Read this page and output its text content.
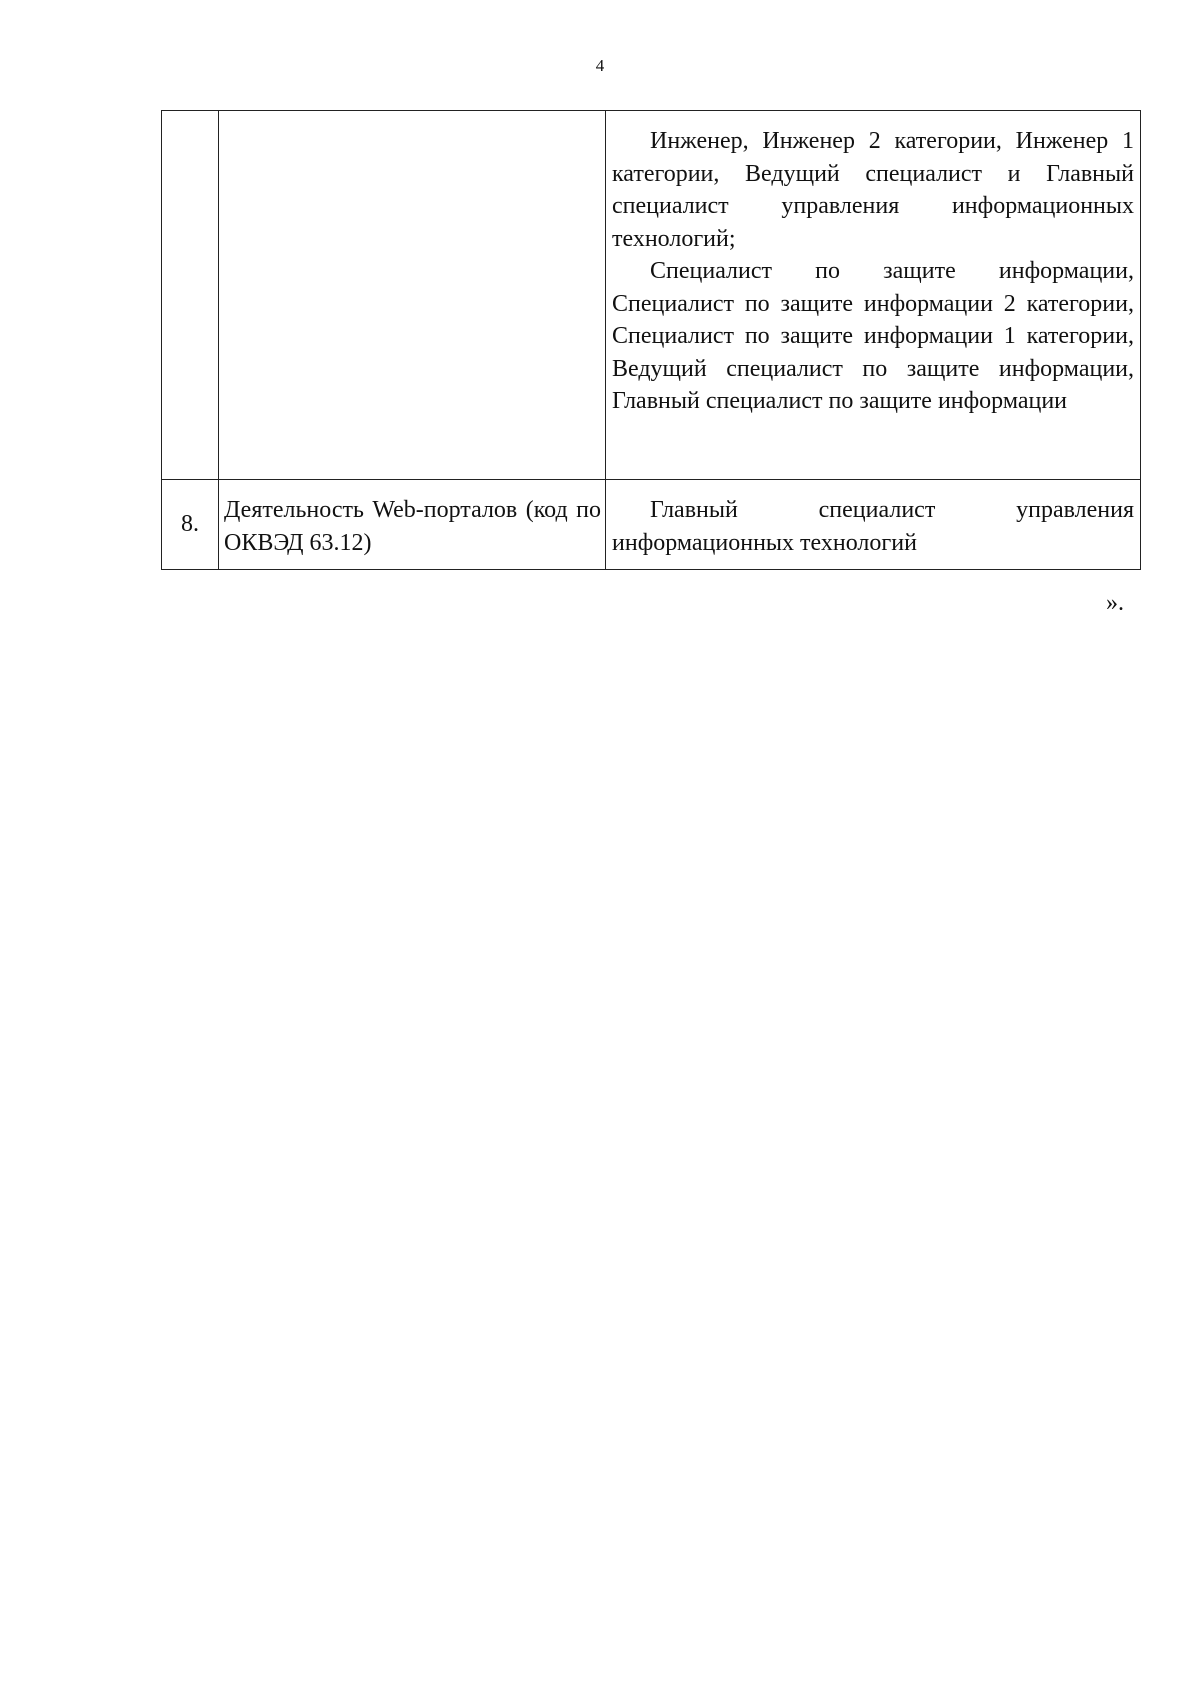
4

		Инженер, Инженер 2 категории, Инженер 1 категории, Ведущий специалист и Главный специалист управления информационных технологий;

Специалист по защите информации, Специалист по защите информации 2 категории, Специалист по защите информации 1 категории, Ведущий специалист по защите информации, Главный специалист по защите информации

8.	Деятельность Web-порталов (код по ОКВЭД 63.12)	Главный специалист управления информационных технологий

».
